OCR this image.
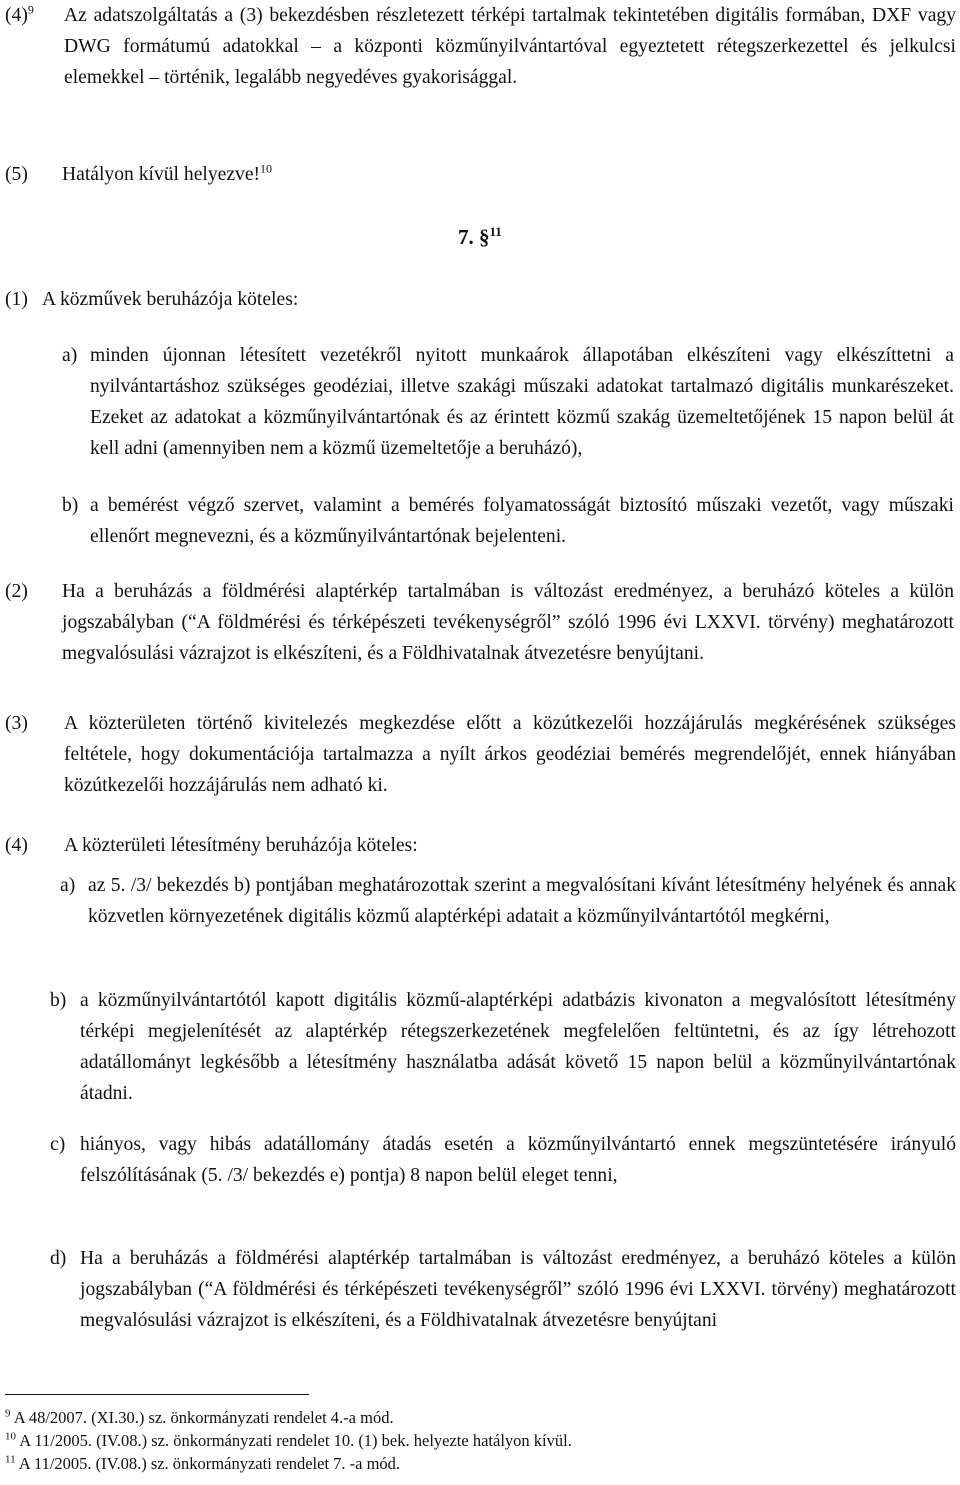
$(4)^9$ Az adatszolgáltatás a (3) bekezdésben részletezett térképi tartalmak tekintetében digitális formában, DXF vagy DWG formátumú adatokkal – a központi közműnyilvántartóval egyeztetett rétegszerkezettel és jelkulcsi elemekkel – történik, legalább negyedéves gyakorisággal.
(5) Hatályon kívül helyezve!$^{10}$
7. §$^{11}$
(1) A közművek beruházója köteles:
a) minden újonnan létesített vezetékről nyitott munkaárok állapotában elkészíteni vagy elkészíttetni a nyilvántartáshoz szükséges geodéziai, illetve szakági műszaki adatokat tartalmazó digitális munkarészeket. Ezeket az adatokat a közműnyilvántartónak és az érintett közmű szakág üzemeltetőjének 15 napon belül át kell adni (amennyiben nem a közmű üzemeltetője a beruházó),
b) a bemérést végző szervet, valamint a bemérés folyamatosságát biztosító műszaki vezetőt, vagy műszaki ellenőrt megnevezni, és a közműnyilvántartónak bejelenteni.
(2) Ha a beruházás a földmérési alaptérkép tartalmában is változást eredményez, a beruházó köteles a külön jogszabályban (“A földmérési és térképészeti tevékenységről” szóló 1996 évi LXXVI. törvény) meghatározott megvalósulási vázrajzot is elkészíteni, és a Földhivatalnak átvezetésre benyújtani.
(3) A közterületen történő kivitelezés megkezdése előtt a közútkezelői hozzájárulás megkérésének szükséges feltétele, hogy dokumentációja tartalmazza a nyílt árkos geodéziai bemérés megrendelőjét, ennek hiányában közútkezelői hozzájárulás nem adható ki.
(4) A közterületi létesítmény beruházója köteles:
a) az 5. /3/ bekezdés b) pontjában meghatározottak szerint a megvalósítani kívánt létesítmény helyének és annak közvetlen környezetének digitális közmű alaptérképi adatait a közműnyilvántartótól megkérni,
b) a közműnyilvántartótól kapott digitális közmű-alaptérképi adatbázis kivonaton a megvalósított létesítmény térképi megjelenítését az alaptérkép rétegszerkezetének megfelelően feltüntetni, és az így létrehozott adatállományt legkésőbb a létesítmény használatba adását követő 15 napon belül a közműnyilvántartónak átadni.
c) hiányos, vagy hibás adatállomány átadás esetén a közműnyilvántartó ennek megszüntetésére irányuló felszólításának (5. /3/ bekezdés e) pontja) 8 napon belül eleget tenni,
d) Ha a beruházás a földmérési alaptérkép tartalmában is változást eredményez, a beruházó köteles a külön jogszabályban (“A földmérési és térképészeti tevékenységről” szóló 1996 évi LXXVI. törvény) meghatározott megvalósulási vázrajzot is elkészíteni, és a Földhivatalnak átvezetésre benyújtani
$^9$ A 48/2007. (XI.30.) sz. önkormányzati rendelet 4.-a mód.
$^{10}$ A 11/2005. (IV.08.) sz. önkormányzati rendelet 10. (1) bek. helyezte hatályon kívül.
$^{11}$ A 11/2005. (IV.08.) sz. önkormányzati rendelet 7. -a mód.
